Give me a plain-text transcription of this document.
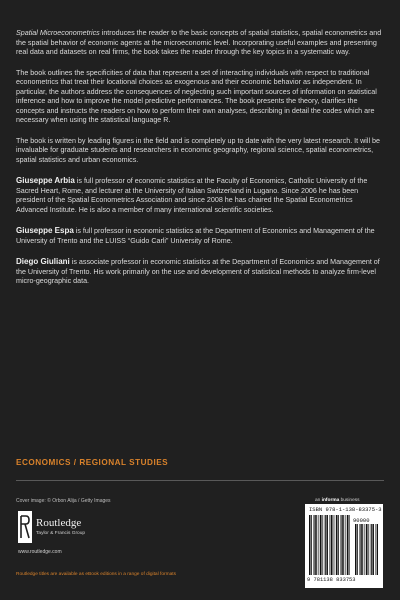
Spatial Microeconometrics introduces the reader to the basic concepts of spatial statistics, spatial econometrics and the spatial behavior of economic agents at the microeconomic level. Incorporating useful examples and presenting real data and datasets on real firms, the book takes the reader through the key topics in a systematic way.

The book outlines the specificities of data that represent a set of interacting individuals with respect to traditional econometrics that treat their locational choices as exogenous and their economic behavior as independent. In particular, the authors address the consequences of neglecting such important sources of information on statistical inference and how to improve the model predictive performances. The book presents the theory, clarifies the concepts and instructs the readers on how to perform their own analyses, describing in detail the codes which are necessary when using the statistical language R.

The book is written by leading figures in the field and is completely up to date with the very latest research. It will be invaluable for graduate students and researchers in economic geography, regional science, spatial econometrics, spatial statistics and urban economics.

Giuseppe Arbia is full professor of economic statistics at the Faculty of Economics, Catholic University of the Sacred Heart, Rome, and lecturer at the University of Italian Switzerland in Lugano. Since 2006 he has been president of the Spatial Econometrics Association and since 2008 he has chaired the Spatial Econometrics Advanced Institute. He is also a member of many international scientific societies.

Giuseppe Espa is full professor in economic statistics at the Department of Economics and Management of the University of Trento and the LUISS “Guido Carli” University of Rome.

Diego Giuliani is associate professor in economic statistics at the Department of Economics and Management of the University of Trento. His work primarily on the use and development of statistical methods to analyze firm-level micro-geographic data.

ECONOMICS / REGIONAL STUDIES
Cover image: © Orbon Alija / Getty Images	an informa business
Routledge
Taylor & Francis Group
www.routledge.com
Routledge titles are available as eBook editions in a range of digital formats
ISBN 978-1-138-83375-3
90000
9 781138 833753
